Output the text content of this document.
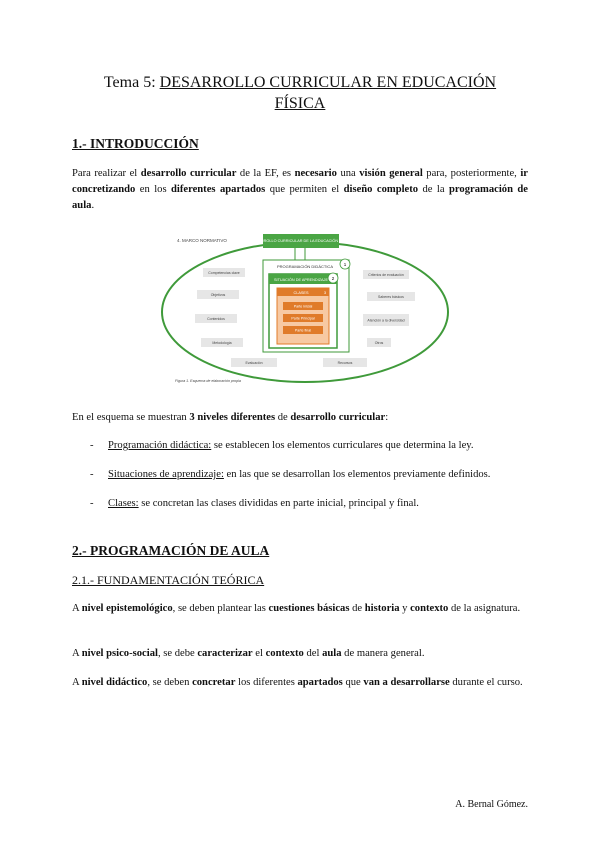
Tema 5: DESARROLLO CURRICULAR EN EDUCACIÓN
FÍSICA
1.- INTRODUCCIÓN
Para realizar el desarrollo curricular de la EF, es necesario una visión general para, posteriormente, ir concretizando en los diferentes apartados que permiten el diseño completo de la programación de aula.
4. MARCO NORMATIVO	DESARROLLO CURRICULAR DE LA EDUCACIÓN FÍSICA
PROGRAMACIÓN DIDÁCTICA 1
SITUACIÓN DE APRENDIZAJE 2
CLASES	3
Parte inicial
Parte Principal
Parte final
Competencias clave
Objetivos
Contenidos
Metodología
Criterios de evaluación
Saberes básicos
Atención a la diversidad
Otros
Evaluación	Recursos
Figura 1. Esquema de elaboración propia
En el esquema se muestran 3 niveles diferentes de desarrollo curricular:
- Programación didáctica: se establecen los elementos curriculares que determina la ley.
- Situaciones de aprendizaje: en las que se desarrollan los elementos previamente definidos.
- Clases: se concretan las clases divididas en parte inicial, principal y final.
2.- PROGRAMACIÓN DE AULA
2.1.- FUNDAMENTACIÓN TEÓRICA
A nivel epistemológico, se deben plantear las cuestiones básicas de historia y contexto de la asignatura.
A nivel psico-social, se debe caracterizar el contexto del aula de manera general.
A nivel didáctico, se deben concretar los diferentes apartados que van a desarrollarse durante el curso.
A. Bernal Gómez.
